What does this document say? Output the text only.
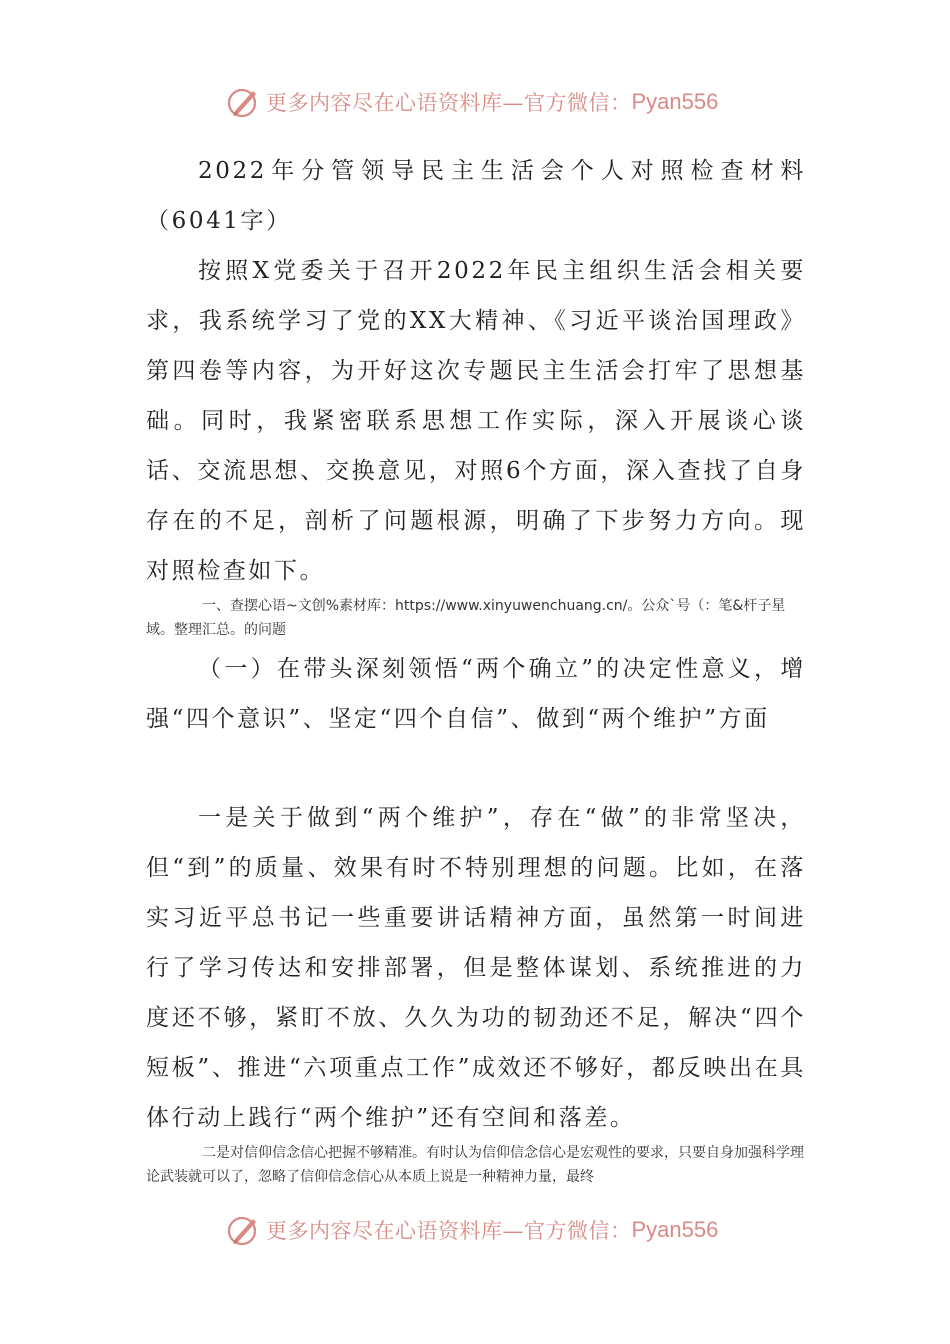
更多内容尽在心语资料库—官方微信： Pyan556

2022年分管领导民主生活会个人对照检查材料（6041字）

按照X党委关于召开2022年民主组织生活会相关要求，我系统学习了党的XX大精神、《习近平谈治国理政》第四卷等内容，为开好这次专题民主生活会打牢了思想基础。同时，我紧密联系思想工作实际，深入开展谈心谈话、交流思想、交换意见，对照6个方面，深入查找了自身存在的不足，剖析了问题根源，明确了下步努力方向。现对照检查如下。

一、查摆心语~文创%素材库：https://www.xinyuwenchuang.cn/。公众`号（：笔&杆子星域。整理汇总。的问题

（一）在带头深刻领悟“两个确立”的决定性意义，增强“四个意识”、坚定“四个自信”、做到“两个维护”方面

一是关于做到“两个维护”，存在“做”的非常坚决，但“到”的质量、效果有时不特别理想的问题。比如，在落实习近平总书记一些重要讲话精神方面，虽然第一时间进行了学习传达和安排部署，但是整体谋划、系统推进的力度还不够，紧盯不放、久久为功的韧劲还不足，解决“四个短板”、推进“六项重点工作”成效还不够好，都反映出在具体行动上践行“两个维护”还有空间和落差。

二是对信仰信念信心把握不够精准。有时认为信仰信念信心是宏观性的要求，只要自身加强科学理论武装就可以了，忽略了信仰信念信心从本质上说是一种精神力量，最终

更多内容尽在心语资料库—官方微信： Pyan556
